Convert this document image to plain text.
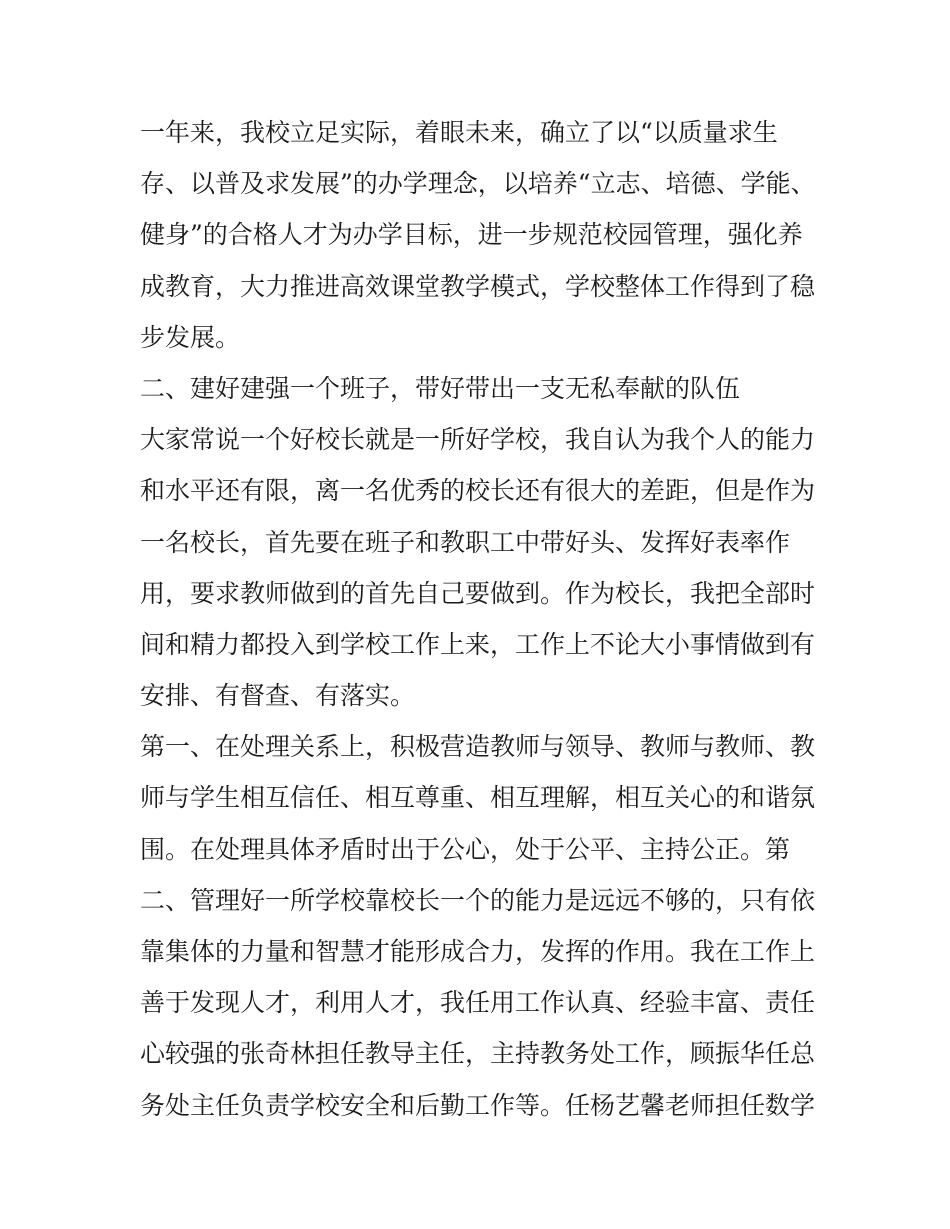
一年来，我校立足实际，着眼未来，确立了以“以质量求生
存、以普及求发展”的办学理念，以培养“立志、培德、学能、
健身”的合格人才为办学目标，进一步规范校园管理，强化养
成教育，大力推进高效课堂教学模式，学校整体工作得到了稳
步发展。
二、建好建强一个班子，带好带出一支无私奉献的队伍
大家常说一个好校长就是一所好学校，我自认为我个人的能力
和水平还有限，离一名优秀的校长还有很大的差距，但是作为
一名校长，首先要在班子和教职工中带好头、发挥好表率作
用，要求教师做到的首先自己要做到。作为校长，我把全部时
间和精力都投入到学校工作上来，工作上不论大小事情做到有
安排、有督查、有落实。
第一、在处理关系上，积极营造教师与领导、教师与教师、教
师与学生相互信任、相互尊重、相互理解，相互关心的和谐氛
围。在处理具体矛盾时出于公心，处于公平、主持公正。第
二、管理好一所学校靠校长一个的能力是远远不够的，只有依
靠集体的力量和智慧才能形成合力，发挥的作用。我在工作上
善于发现人才，利用人才，我任用工作认真、经验丰富、责任
心较强的张奇林担任教导主任，主持教务处工作，顾振华任总
务处主任负责学校安全和后勤工作等。任杨艺馨老师担任数学
